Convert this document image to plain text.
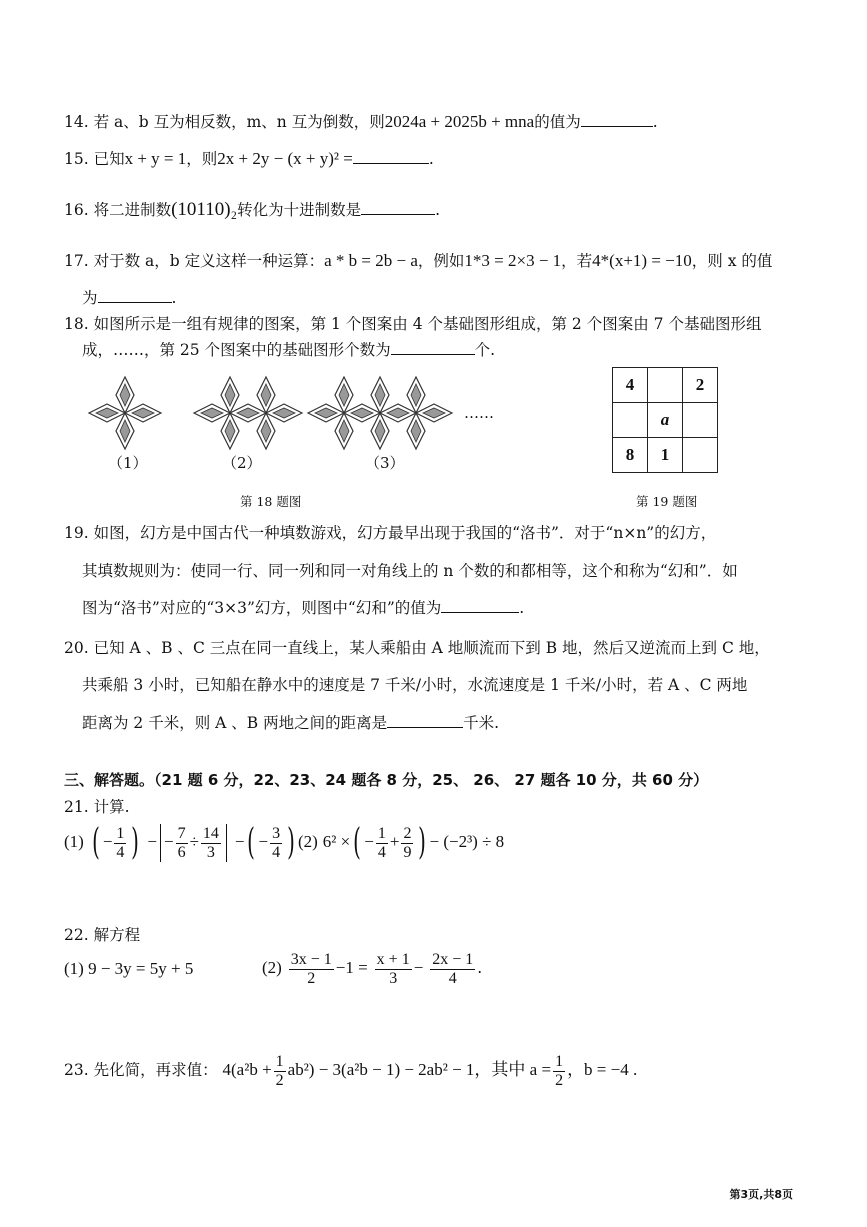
14. 若 a、b 互为相反数，m、n 互为倒数，则2024a + 2025b + mna的值为	.
15. 已知x + y = 1，则2x + 2y − (x + y)² =	.
16. 将二进制数(10110)₂转化为十进制数是	.
17. 对于数 a，b 定义这样一种运算：a * b = 2b − a，例如1*3 = 2×3 − 1，若4*(x+1) = −10，则 x 的值
为	.
18. 如图所示是一组有规律的图案，第 1 个图案由 4 个基础图形组成，第 2 个图案由 7 个基础图形组
成，……，第 25 个图案中的基础图形个数为	个.
（1）	（2）	（3）
……
第 18 题图
4		2
	a	
8	1	
第 19 题图
19. 如图，幻方是中国古代一种填数游戏，幻方最早出现于我国的“洛书”．对于“n×n”的幻方，
其填数规则为：使同一行、同一列和同一对角线上的 n 个数的和都相等，这个和称为“幻和”．如
图为“洛书”对应的“3×3”幻方，则图中“幻和”的值为	.
20. 已知 A 、B 、C 三点在同一直线上，某人乘船由 A 地顺流而下到 B 地，然后又逆流而上到 C 地，
共乘船 3 小时，已知船在静水中的速度是 7 千米/小时，水流速度是 1 千米/小时，若 A 、C 两地
距离为 2 千米，则 A 、B 两地之间的距离是	千米.
三、解答题。（21 题 6 分，22、23、24 题各 8 分，25、 26、 27 题各 10 分，共 60 分）
21. 计算.
(1) ( − $\frac{1}{4}$ ) − − $\frac{7}{6} \div \frac{14}{3}$ −( − $\frac{3}{4}$ ) (2) 6² ×( − $\frac{1}{4} + \frac{2}{9}$ ) − (−2³) ÷ 8
22. 解方程
(1) 9 − 3y = 5y + 5	$(2) \frac{3x - 1}{2} -1 = \frac{x + 1}{3} - \frac{2x - 1}{4}$ .
23. 先化简，再求值： $4(a^2b + \frac{1}{2} ab^2) - 3(a^2b - 1) - 2ab^2 - 1$，其中 $a = \frac{1}{2}$ ，b = −4 .
第3页,共8页
